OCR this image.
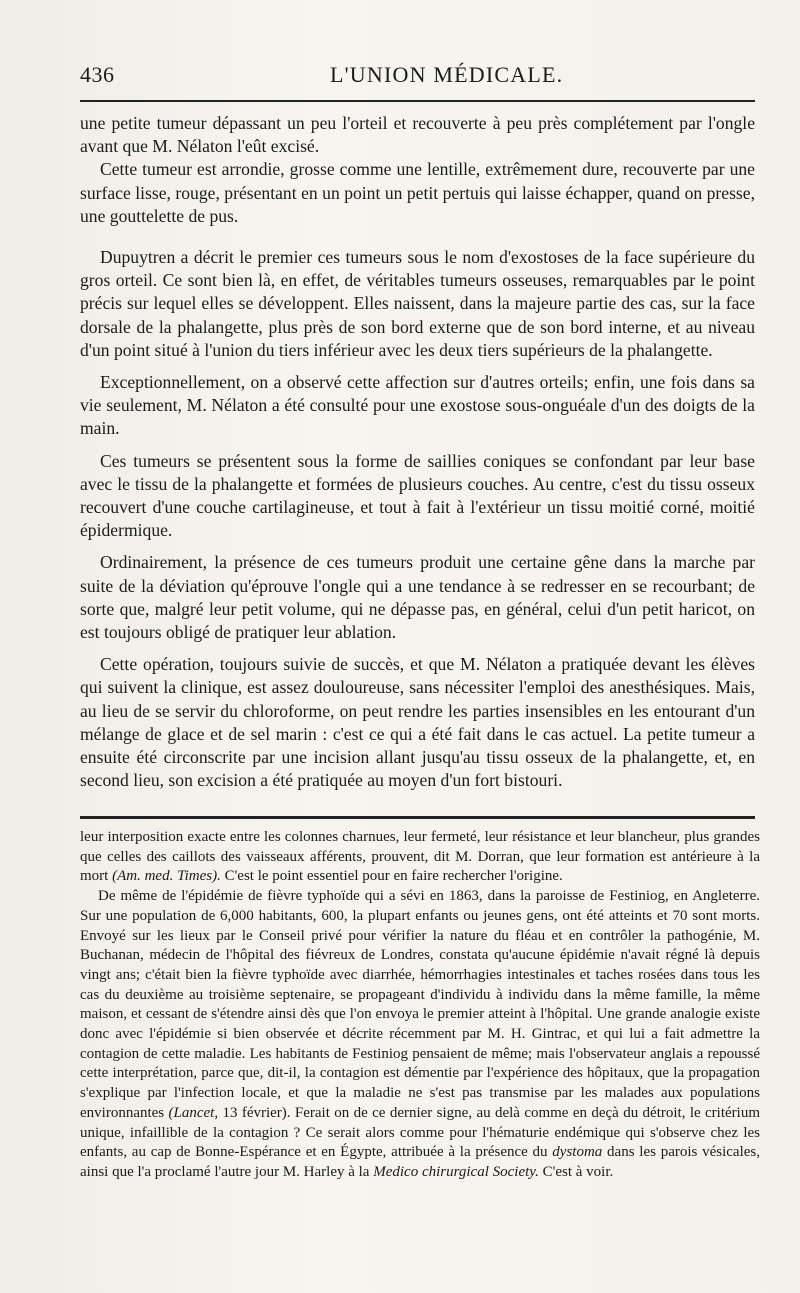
436	L'UNION MÉDICALE.

une petite tumeur dépassant un peu l'orteil et recouverte à peu près complétement par l'ongle avant que M. Nélaton l'eût excisé.

Cette tumeur est arrondie, grosse comme une lentille, extrêmement dure, recouverte par une surface lisse, rouge, présentant en un point un petit pertuis qui laisse échapper, quand on presse, une gouttelette de pus.

Dupuytren a décrit le premier ces tumeurs sous le nom d'exostoses de la face supérieure du gros orteil. Ce sont bien là, en effet, de véritables tumeurs osseuses, remarquables par le point précis sur lequel elles se développent. Elles naissent, dans la majeure partie des cas, sur la face dorsale de la phalangette, plus près de son bord externe que de son bord interne, et au niveau d'un point situé à l'union du tiers inférieur avec les deux tiers supérieurs de la phalangette.

Exceptionnellement, on a observé cette affection sur d'autres orteils; enfin, une fois dans sa vie seulement, M. Nélaton a été consulté pour une exostose sous-onguéale d'un des doigts de la main.

Ces tumeurs se présentent sous la forme de saillies coniques se confondant par leur base avec le tissu de la phalangette et formées de plusieurs couches. Au centre, c'est du tissu osseux recouvert d'une couche cartilagineuse, et tout à fait à l'extérieur un tissu moitié corné, moitié épidermique.

Ordinairement, la présence de ces tumeurs produit une certaine gêne dans la marche par suite de la déviation qu'éprouve l'ongle qui a une tendance à se redresser en se recourbant; de sorte que, malgré leur petit volume, qui ne dépasse pas, en général, celui d'un petit haricot, on est toujours obligé de pratiquer leur ablation.

Cette opération, toujours suivie de succès, et que M. Nélaton a pratiquée devant les élèves qui suivent la clinique, est assez douloureuse, sans nécessiter l'emploi des anesthésiques. Mais, au lieu de se servir du chloroforme, on peut rendre les parties insensibles en les entourant d'un mélange de glace et de sel marin : c'est ce qui a été fait dans le cas actuel. La petite tumeur a ensuite été circonscrite par une incision allant jusqu'au tissu osseux de la phalangette, et, en second lieu, son excision a été pratiquée au moyen d'un fort bistouri.

leur interposition exacte entre les colonnes charnues, leur fermeté, leur résistance et leur blancheur, plus grandes que celles des caillots des vaisseaux afférents, prouvent, dit M. Dorran, que leur formation est antérieure à la mort (Am. med. Times). C'est le point essentiel pour en faire rechercher l'origine.

De même de l'épidémie de fièvre typhoïde qui a sévi en 1863, dans la paroisse de Festiniog, en Angleterre. Sur une population de 6,000 habitants, 600, la plupart enfants ou jeunes gens, ont été atteints et 70 sont morts. Envoyé sur les lieux par le Conseil privé pour vérifier la nature du fléau et en contrôler la pathogénie, M. Buchanan, médecin de l'hôpital des fiévreux de Londres, constata qu'aucune épidémie n'avait régné là depuis vingt ans; c'était bien la fièvre typhoïde avec diarrhée, hémorrhagies intestinales et taches rosées dans tous les cas du deuxième au troisième septenaire, se propageant d'individu à individu dans la même famille, la même maison, et cessant de s'étendre ainsi dès que l'on envoya le premier atteint à l'hôpital. Une grande analogie existe donc avec l'épidémie si bien observée et décrite récemment par M. H. Gintrac, et qui lui a fait admettre la contagion de cette maladie. Les habitants de Festiniog pensaient de même; mais l'observateur anglais a repoussé cette interprétation, parce que, dit-il, la contagion est démentie par l'expérience des hôpitaux, que la propagation s'explique par l'infection locale, et que la maladie ne s'est pas transmise par les malades aux populations environnantes (Lancet, 13 février). Ferait on de ce dernier signe, au delà comme en deçà du détroit, le critérium unique, infaillible de la contagion ? Ce serait alors comme pour l'hématurie endémique qui s'observe chez les enfants, au cap de Bonne-Espérance et en Égypte, attribuée à la présence du dystoma dans les parois vésicales, ainsi que l'a proclamé l'autre jour M. Harley à la Medico chirurgical Society. C'est à voir.
